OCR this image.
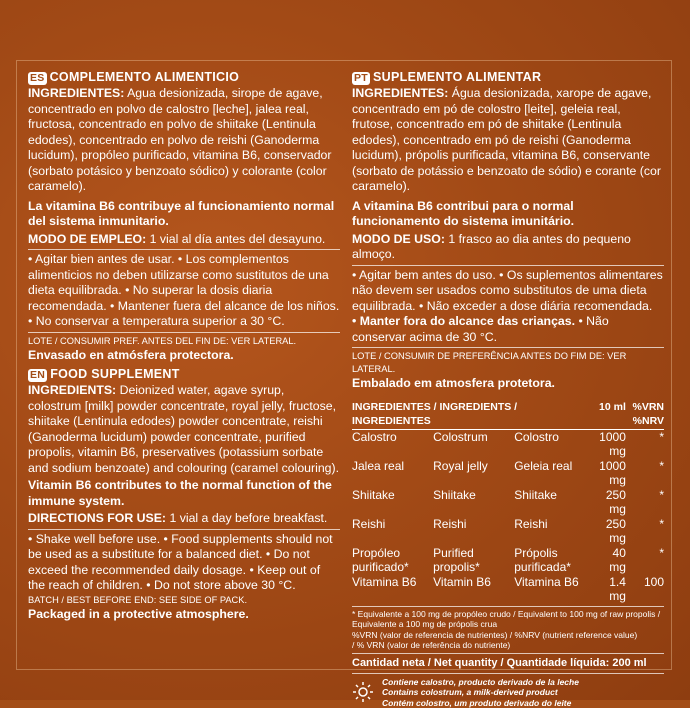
ES COMPLEMENTO ALIMENTICIO

INGREDIENTES: Agua desionizada, sirope de agave, concentrado en polvo de calostro [leche], jalea real, fructosa, concentrado en polvo de shiitake (Lentinula edodes), concentrado en polvo de reishi (Ganoderma lucidum), propóleo purificado, vitamina B6, conservador (sorbato potásico y benzoato sódico) y colorante (color caramelo).

La vitamina B6 contribuye al funcionamiento normal del sistema inmunitario.

MODO DE EMPLEO: 1 vial al día antes del desayuno.

• Agitar bien antes de usar. • Los complementos alimenticios no deben utilizarse como sustitutos de una dieta equilibrada. • No superar la dosis diaria recomendada. • Mantener fuera del alcance de los niños. • No conservar a temperatura superior a 30 °C.

LOTE / CONSUMIR PREF. ANTES DEL FIN DE: VER LATERAL.

Envasado en atmósfera protectora.

EN FOOD SUPPLEMENT

INGREDIENTS: Deionized water, agave syrup, colostrum [milk] powder concentrate, royal jelly, fructose, shiitake (Lentinula edodes) powder concentrate, reishi (Ganoderma lucidum) powder concentrate, purified propolis, vitamin B6, preservatives (potassium sorbate and sodium benzoate) and colouring (caramel colouring).

Vitamin B6 contributes to the normal function of the immune system.

DIRECTIONS FOR USE: 1 vial a day before breakfast.

• Shake well before use. • Food supplements should not be used as a substitute for a balanced diet. • Do not exceed the recommended daily dosage. • Keep out of the reach of children. • Do not store above 30 °C.

BATCH / BEST BEFORE END: SEE SIDE OF PACK.

Packaged in a protective atmosphere.

PT SUPLEMENTO ALIMENTAR

INGREDIENTES: Água desionizada, xarope de agave, concentrado em pó de colostro [leite], geleia real, frutose, concentrado em pó de shiitake (Lentinula edodes), concentrado em pó de reishi (Ganoderma lucidum), própolis purificada, vitamina B6, conservante (sorbato de potássio e benzoato de sódio) e corante (cor caramelo).

A vitamina B6 contribui para o normal funcionamento do sistema imunitário.

MODO DE USO: 1 frasco ao dia antes do pequeno almoço.

• Agitar bem antes do uso. • Os suplementos alimentares não devem ser usados como substitutos de uma dieta equilibrada. • Não exceder a dose diária recomendada.

• Manter fora do alcance das crianças. • Não conservar acima de 30 °C.

LOTE / CONSUMIR DE PREFERÊNCIA ANTES DO FIM DE: VER LATERAL.

Embalado em atmosfera protetora.

INGREDIENTES / INGREDIENTS / INGREDIENTES			10 ml	%VRN %NRV
Calostro	Colostrum	Colostro	1000 mg	*
Jalea real	Royal jelly	Geleia real	1000 mg	*
Shiitake	Shiitake	Shiitake	250 mg	*
Reishi	Reishi	Reishi	250 mg	*
Propóleo purificado*	Purified propolis*	Própolis purificada*	40 mg	*
Vitamina B6	Vitamin B6	Vitamina B6	1.4 mg	100
* Equivalente a 100 mg de propóleo crudo / Equivalent to 100 mg of raw propolis / Equivalente a 100 mg de própolis crua
%VRN (valor de referencia de nutrientes) / %NRV (nutrient reference value)
/ % VRN (valor de referência do nutriente)

Cantidad neta / Net quantity / Quantidade líquida: 200 ml

Contiene calostro, producto derivado de la leche
Contains colostrum, a milk-derived product
Contém colostro, um produto derivado do leite
